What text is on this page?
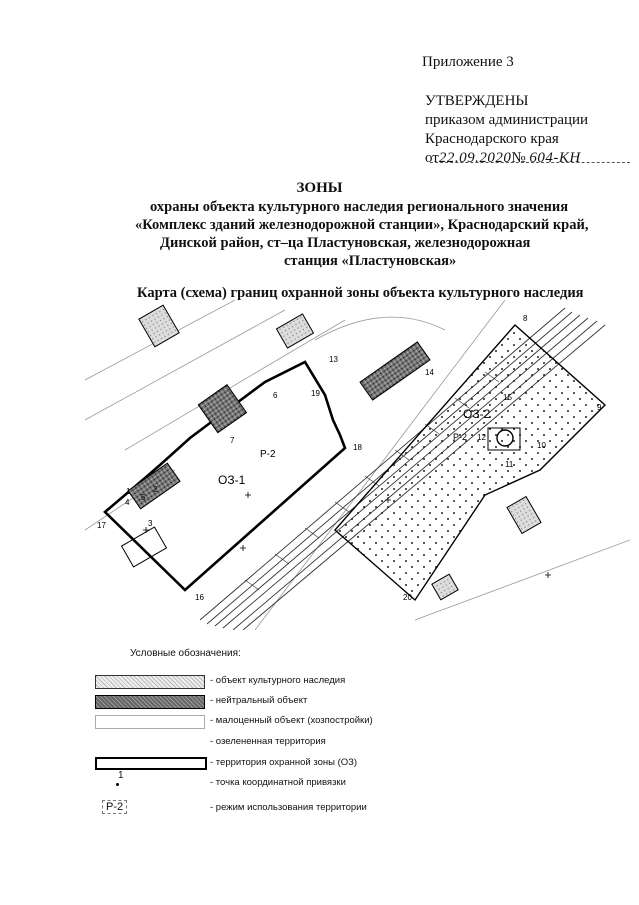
Приложение 3
УТВЕРЖДЕНЫ
приказом администрации
Краснодарского края
от22.09.2020№ 604-КН
ЗОНЫ
охраны объекта культурного наследия регионального значения
«Комплекс зданий железнодорожной станции», Краснодарский край,
Динской район, ст–ца Пластуновская, железнодорожная
станция «Пластуновская»
Карта (схема) границ охранной зоны объекта культурного наследия
ОЗ-1
ОЗ-2
Р-2
Р-2
1	2
3
4
5
6
7
8
9
10
11
12
13
14
15
16
17
18
19
20
Условные обозначения:
- объект культурного наследия
- нейтральный объект
- малоценный объект (хозпостройки)
- озелененная территория
- территория охранной зоны (ОЗ)
1
- точка координатной привязки
Р-2	- режим использования территории
